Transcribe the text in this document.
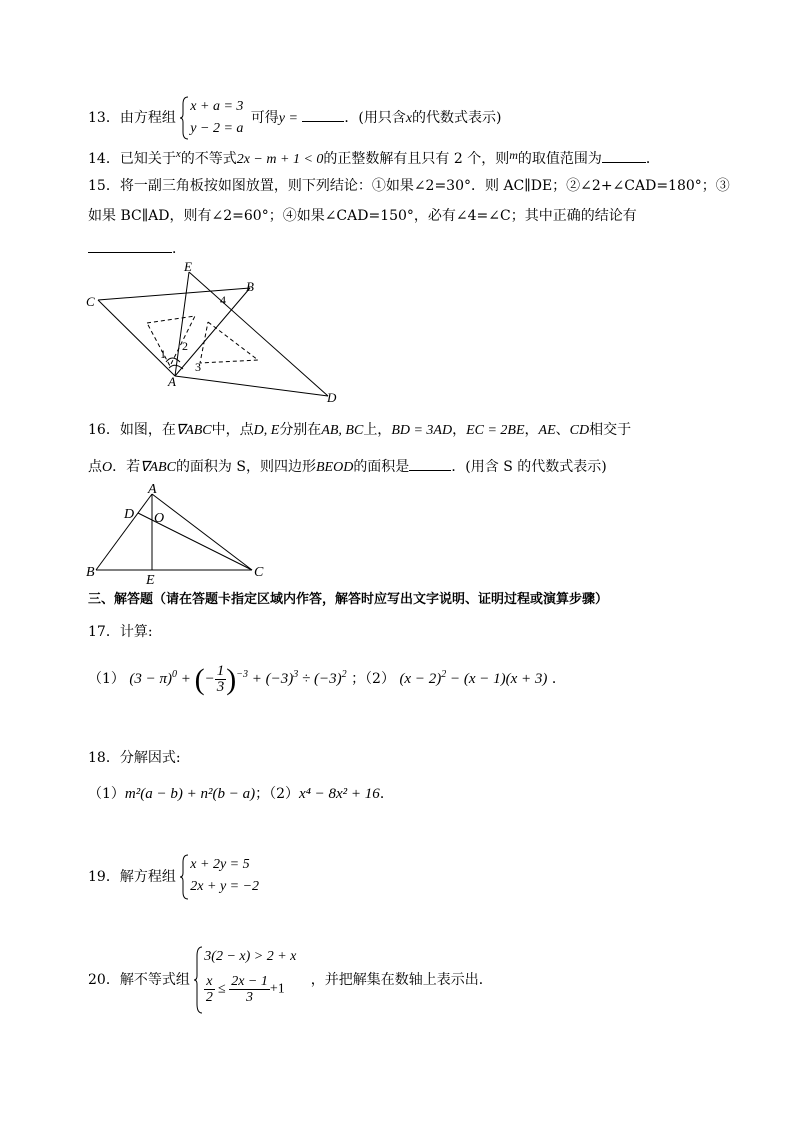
13．由方程组
x + a = 3
y − 2 = a
可得y =	．(用只含x的代数式表示)
14．已知关于$^x$的不等式2x − m + 1 < 0的正整数解有且只有 2 个，则m的取值范围为	．
15．将一副三角板按如图放置，则下列结论：①如果∠2=30°．则 AC∥DE；②∠2+∠CAD=180°；③
如果 BC∥AD，则有∠2=60°；④如果∠CAD=150°，必有∠4=∠C；其中正确的结论有
．
E
B
C
A
D
1
2
3
4
16．如图，在∇ABC中，点D, E分别在AB, BC上，BD = 3AD，EC = 2BE，AE、CD相交于
点O．若∇ABC的面积为 S，则四边形BEOD的面积是	．(用含 S 的代数式表示)
A
D O
B
E
C
三、解答题（请在答题卡指定区域内作答，解答时应写出文字说明、证明过程或演算步骤）
17．计算:
（1） $(3 - \pi)^0$ + (− $\frac{1}{3} )^{-3} + (-3)^3 \div (-3)^2$ ；（2） $(x - 2)^2 - (x - 1)(x + 3)$ ．
18．分解因式:
（1）m²(a − b) + n²(b − a)；（2）x⁴ − 8x² + 16．
19．解方程组
x + 2y = 5
2x + y = −2
20．解不等式组
3(2 − x) > 2 + x
$\frac{x}{2} \le \frac{2x - 1}{3} +1$
，并把解集在数轴上表示出．
